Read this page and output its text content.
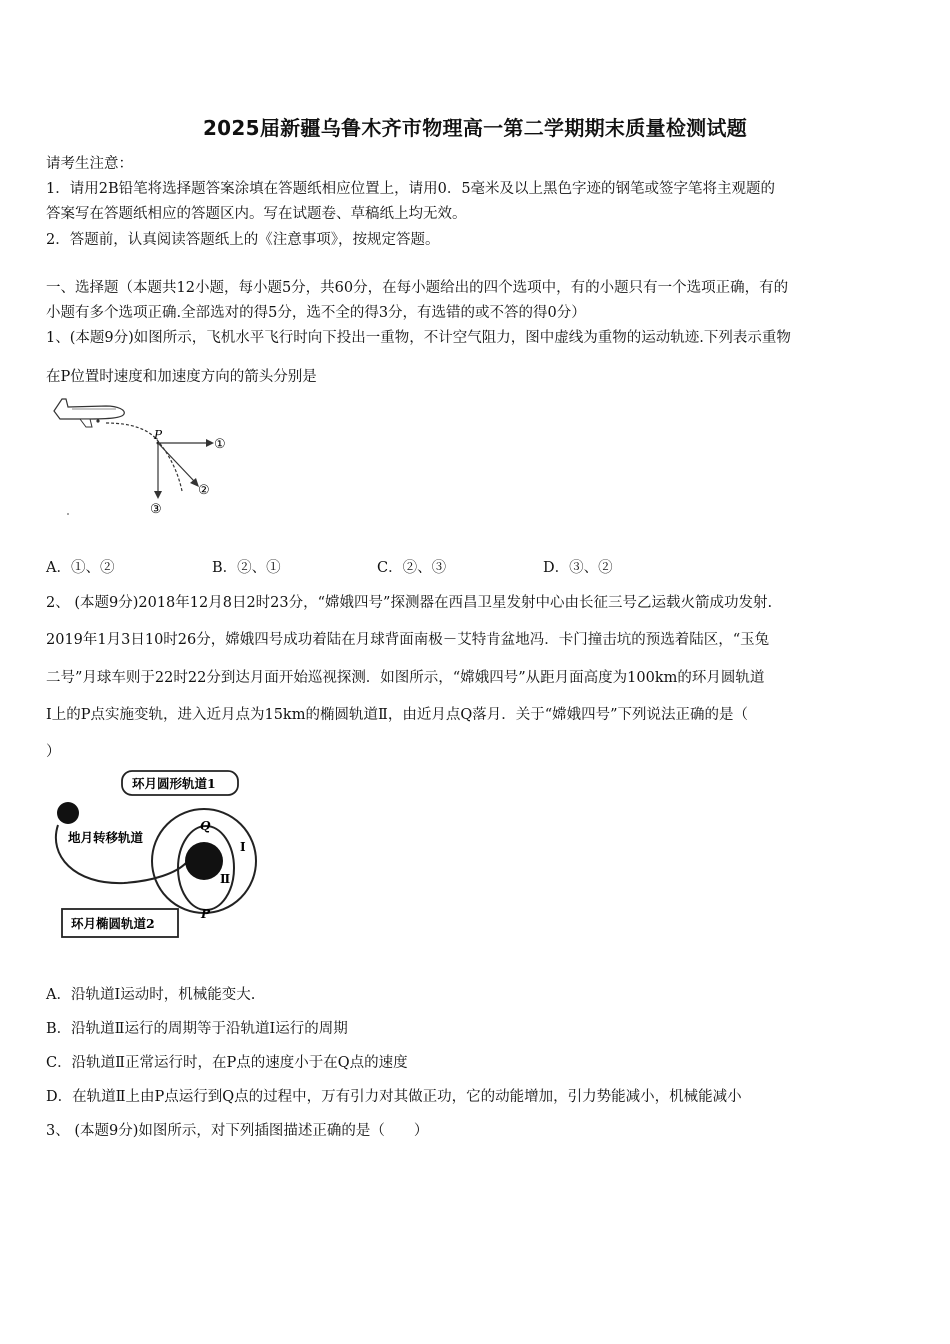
2025届新疆乌鲁木齐市物理高一第二学期期末质量检测试题
请考生注意：
1．请用2B铅笔将选择题答案涂填在答题纸相应位置上，请用0．5毫米及以上黑色字迹的钢笔或签字笔将主观题的
答案写在答题纸相应的答题区内。写在试题卷、草稿纸上均无效。
2．答题前，认真阅读答题纸上的《注意事项》，按规定答题。
一、选择题（本题共12小题，每小题5分，共60分，在每小题给出的四个选项中，有的小题只有一个选项正确，有的
小题有多个选项正确.全部选对的得5分，选不全的得3分，有选错的或不答的得0分）
1、(本题9分)如图所示，飞机水平飞行时向下投出一重物，不计空气阻力，图中虚线为重物的运动轨迹.下列表示重物
在P位置时速度和加速度方向的箭头分别是
P
①
②
③
A．①、②	B．②、①	C．②、③	D．③、②
2、 (本题9分)2018年12月8日2时23分，“嫦娥四号”探测器在西昌卫星发射中心由长征三号乙运载火箭成功发射.
2019年1月3日10时26分，嫦娥四号成功着陆在月球背面南极－艾特肯盆地冯．卡门撞击坑的预选着陆区，“玉兔
二号”月球车则于22时22分到达月面开始巡视探测．如图所示，“嫦娥四号”从距月面高度为100km的环月圆轨道
I上的P点实施变轨，进入近月点为15km的椭圆轨道Ⅱ，由近月点Q落月．关于“嫦娥四号”下列说法正确的是（
）
环月圆形轨道1
地月转移轨道
环月椭圆轨道2
Q
I
Ⅱ
P
A．沿轨道I运动时，机械能变大.
B．沿轨道Ⅱ运行的周期等于沿轨道I运行的周期
C．沿轨道Ⅱ正常运行时，在P点的速度小于在Q点的速度
D．在轨道Ⅱ上由P点运行到Q点的过程中，万有引力对其做正功，它的动能增加，引力势能减小，机械能减小
3、 (本题9分)如图所示，对下列插图描述正确的是（　　）
